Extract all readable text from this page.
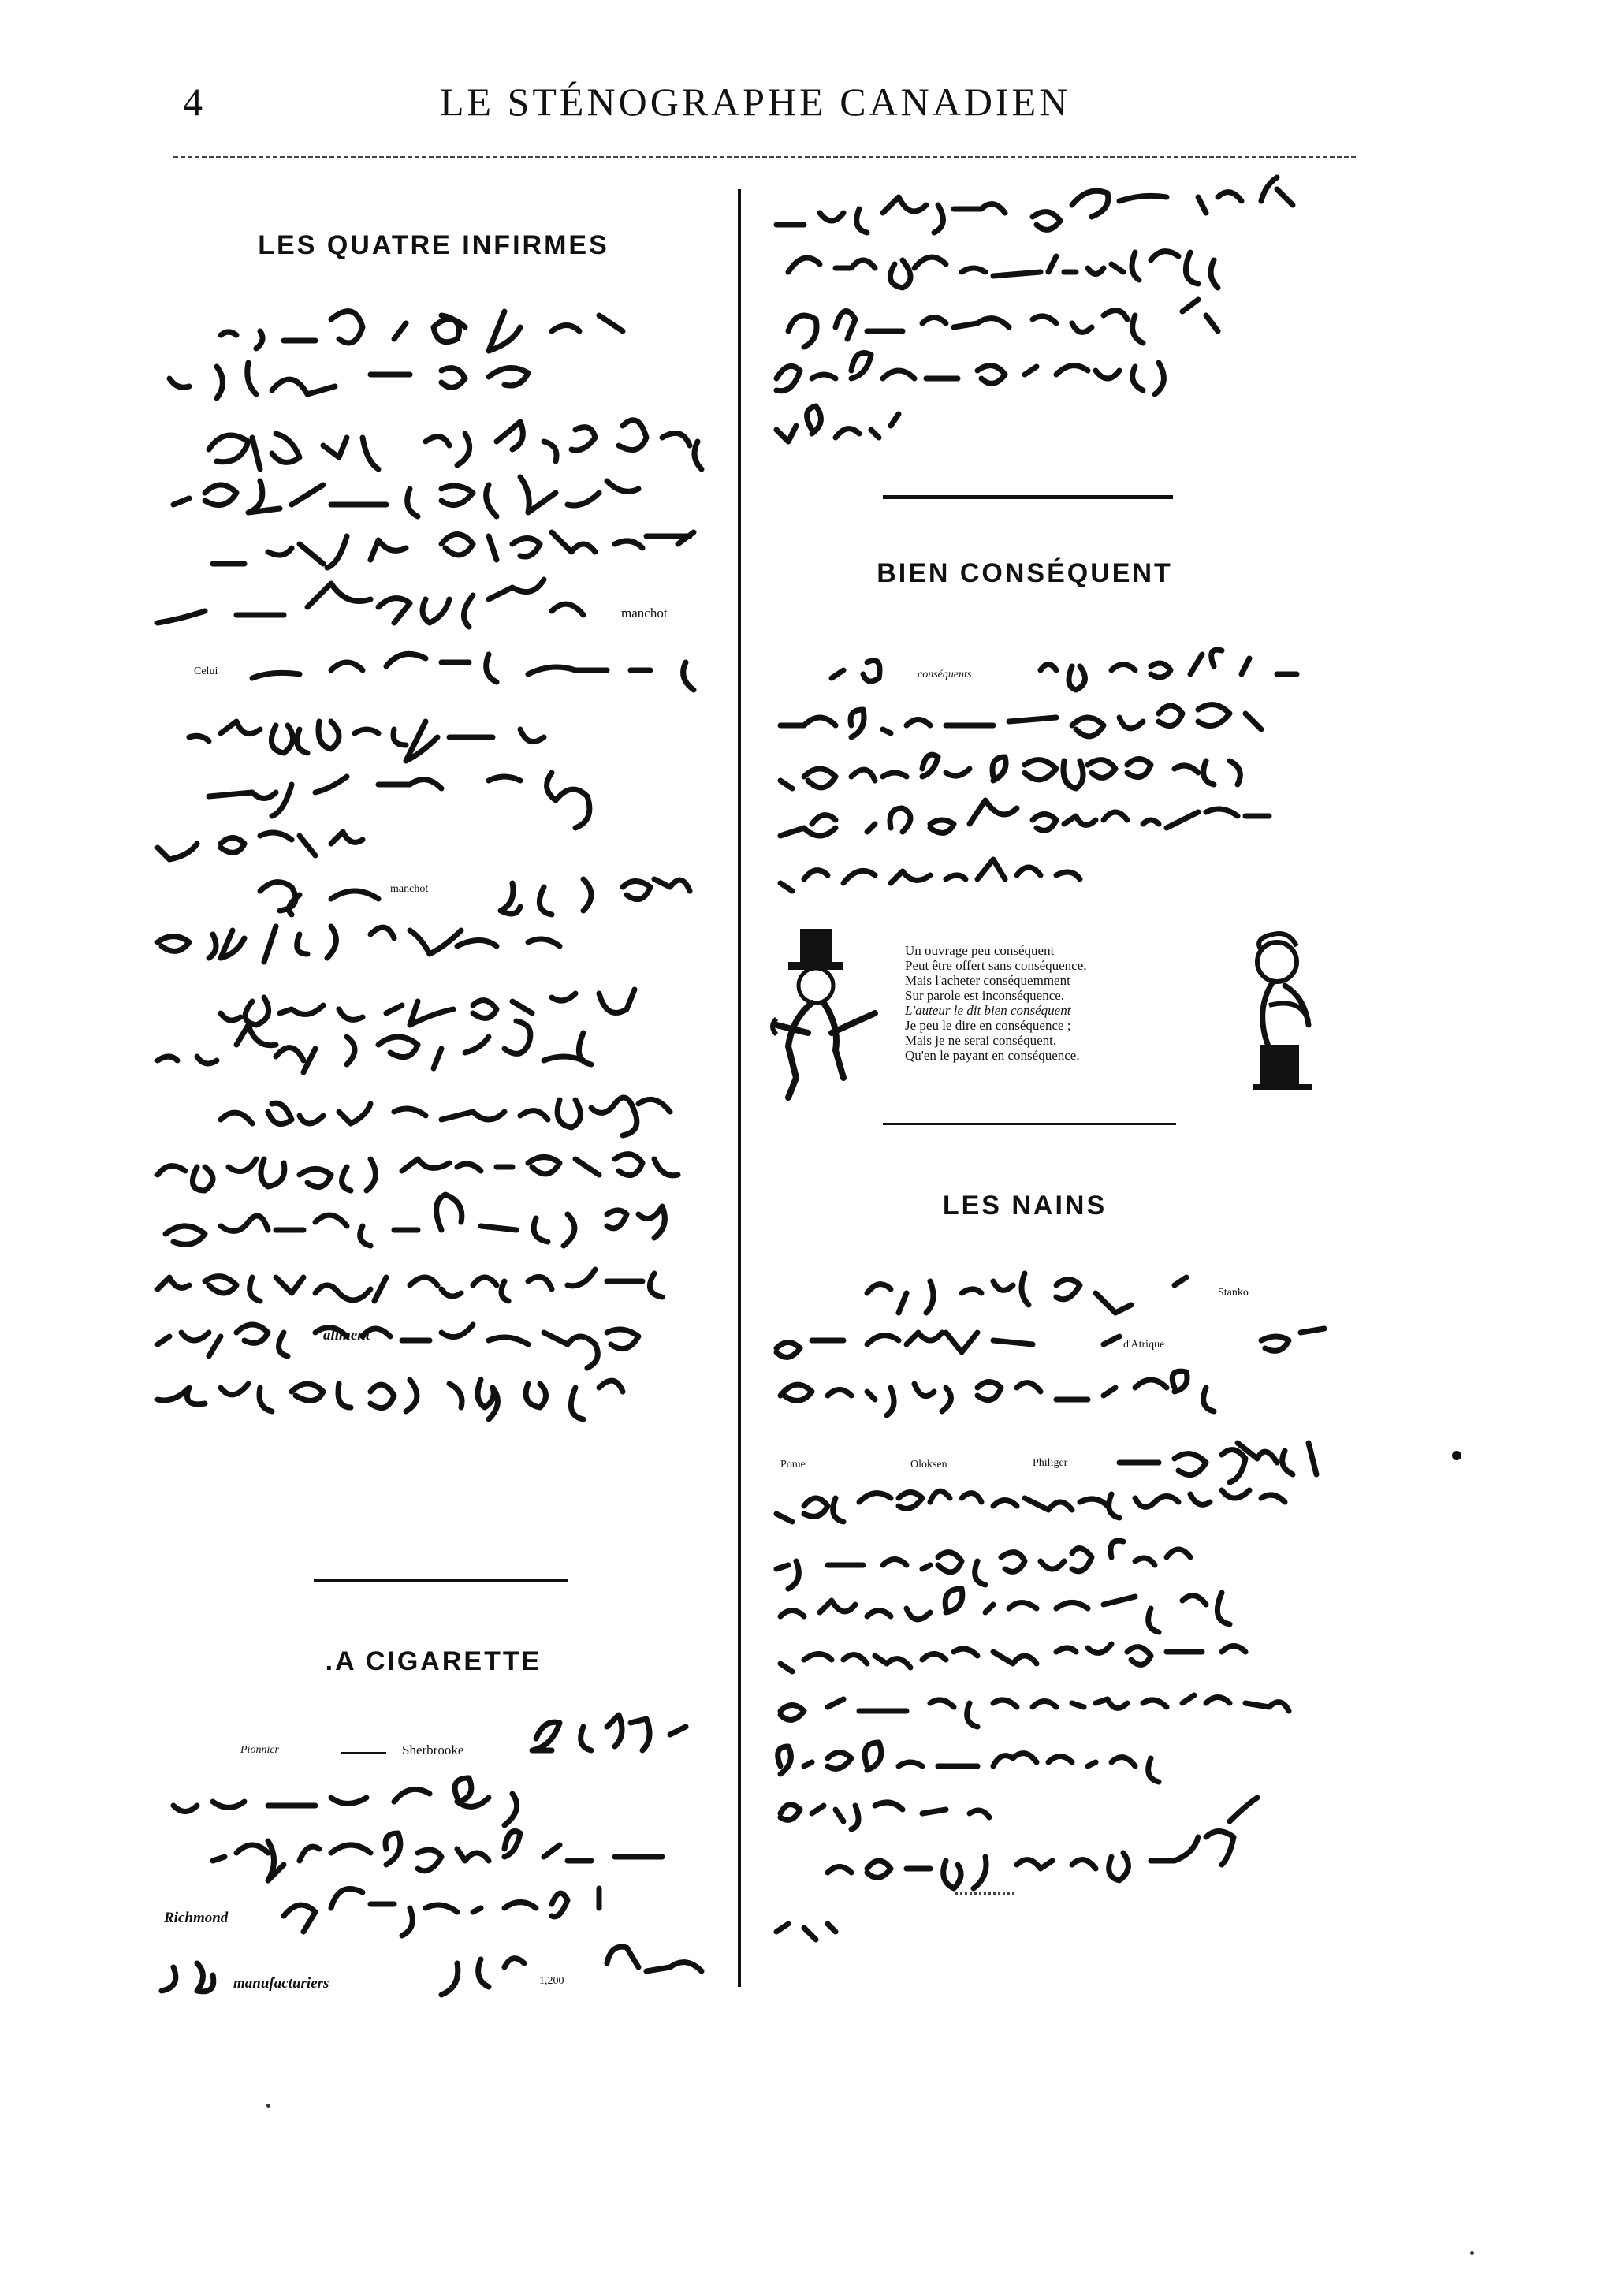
4	LE STÉNOGRAPHE CANADIEN
LES QUATRE INFIRMES
manchot
Celui
manchot
aliment
.A CIGARETTE
Pionnier	Sherbrooke
Richmond
manufacturiers	1,200
BIEN CONSÉQUENT
conséquents
Un ouvrage peu conséquent
Peut être offert sans conséquence,
Mais l'acheter conséquemment
Sur parole est inconséquence.
L'auteur le dit bien conséquent
Je peu le dire en conséquence ;
Mais je ne serai conséquent,
Qu'en le payant en conséquence.
LES NAINS
Stanko
d'Atrique
Pome	Oloksen	Philiger
